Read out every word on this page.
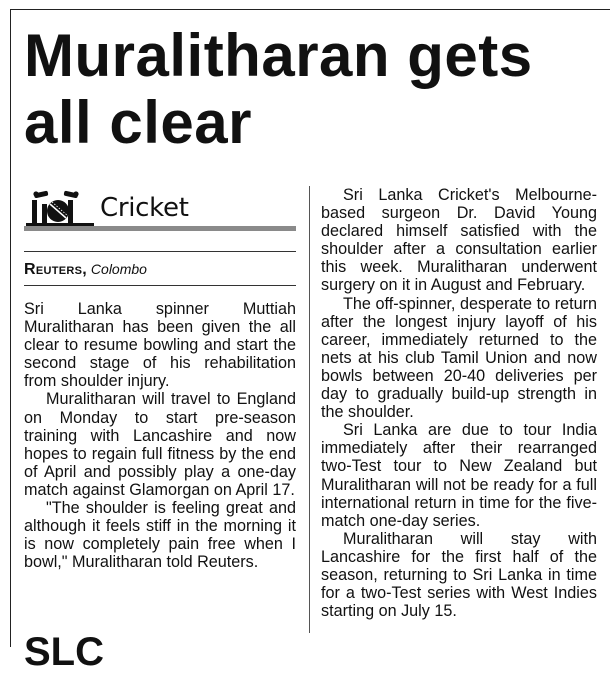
Muralitharan gets all clear
Cricket
Reuters, Colombo

Sri Lanka spinner Muttiah Muralitharan has been given the all clear to resume bowling and start the second stage of his rehabilitation from shoulder injury.

Muralitharan will travel to England on Monday to start pre-season training with Lancashire and now hopes to regain full fitness by the end of April and possibly play a one-day match against Glamorgan on April 17.

"The shoulder is feeling great and although it feels stiff in the morning it is now completely pain free when I bowl," Muralitharan told Reuters.

Sri Lanka Cricket's Melbourne-based surgeon Dr. David Young declared himself satisfied with the shoulder after a consultation earlier this week. Muralitharan underwent surgery on it in August and February.

The off-spinner, desperate to return after the longest injury layoff of his career, immediately returned to the nets at his club Tamil Union and now bowls between 20-40 deliveries per day to gradually build-up strength in the shoulder.

Sri Lanka are due to tour India immediately after their rearranged two-Test tour to New Zealand but Muralitharan will not be ready for a full international return in time for the five-match one-day series.

Muralitharan will stay with Lancashire for the first half of the season, returning to Sri Lanka in time for a two-Test series with West Indies starting on July 15.

SLC
